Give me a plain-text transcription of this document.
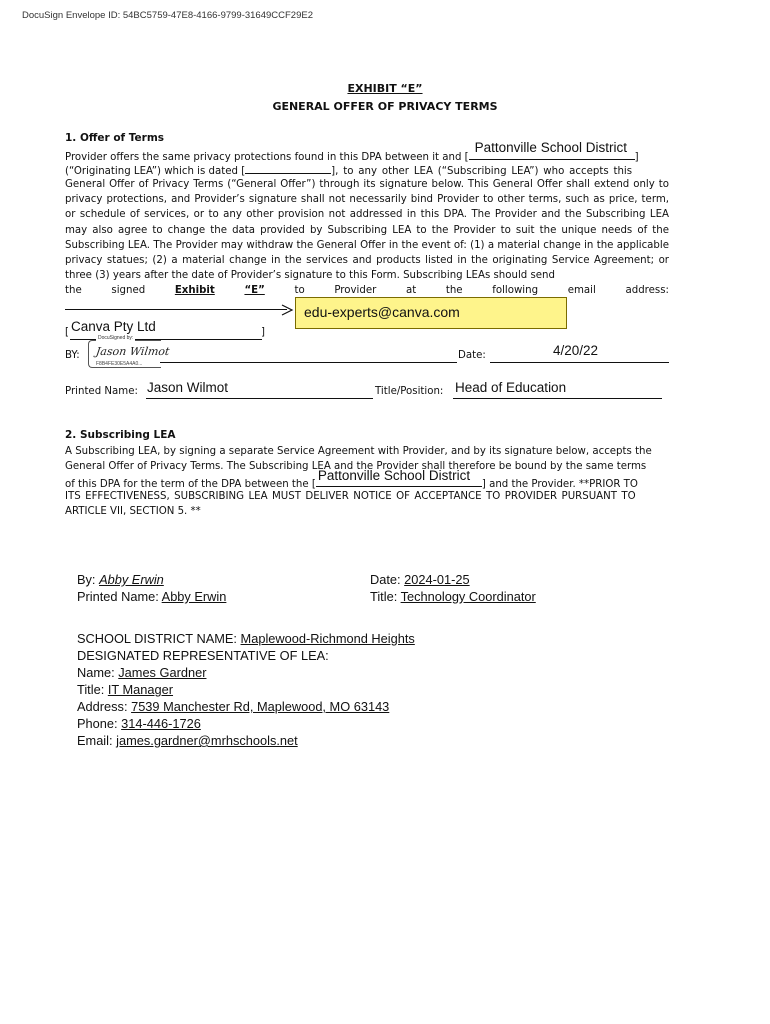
DocuSign Envelope ID: 54BC5759-47E8-4166-9799-31649CCF29E2
EXHIBIT “E”
GENERAL OFFER OF PRIVACY TERMS
1. Offer of Terms
Provider offers the same privacy protections found in this DPA between it and [
Pattonville School District
]
(“Originating LEA”) which is dated [	], to any other LEA (“Subscribing LEA”) who accepts this
General Offer of Privacy Terms (“General Offer”) through its signature below. This General Offer shall extend only to privacy protections, and Provider’s signature shall not necessarily bind Provider to other terms, such as price, term, or schedule of services, or to any other provision not addressed in this DPA. The Provider and the Subscribing LEA may also agree to change the data provided by Subscribing LEA to the Provider to suit the unique needs of the Subscribing LEA. The Provider may withdraw the General Offer in the event of: (1) a material change in the applicable privacy statues; (2) a material change in the services and products listed in the originating Service Agreement; or three (3) years after the date of Provider’s signature to this Form. Subscribing LEAs should send
the	signed	Exhibit	“E”	to	Provider	at	the	following	email	address:
edu-experts@canva.com
[ Canva Pty Ltd	]
BY:
DocuSigned by:
Jason Wilmot
F8B4FE30E5A4A0...
Date:	4/20/22
Printed Name: Jason Wilmot	Title/Position: Head of Education
2. Subscribing LEA
A Subscribing LEA, by signing a separate Service Agreement with Provider, and by its signature below, accepts the
General Offer of Privacy Terms. The Subscribing LEA and the Provider shall therefore be bound by the same terms
of this DPA for the term of the DPA between the [
Pattonville School District
] and the Provider. **PRIOR TO
ITS EFFECTIVENESS, SUBSCRIBING LEA MUST DELIVER NOTICE OF ACCEPTANCE TO PROVIDER PURSUANT TO
ARTICLE VII, SECTION 5. **
By: Abby Erwin	Date: 2024-01-25
Printed Name: Abby Erwin	Title: Technology Coordinator
SCHOOL DISTRICT NAME: Maplewood-Richmond Heights
DESIGNATED REPRESENTATIVE OF LEA:
Name: James Gardner
Title: IT Manager
Address: 7539 Manchester Rd, Maplewood, MO 63143
Phone: 314-446-1726
Email: james.gardner@mrhschools.net
